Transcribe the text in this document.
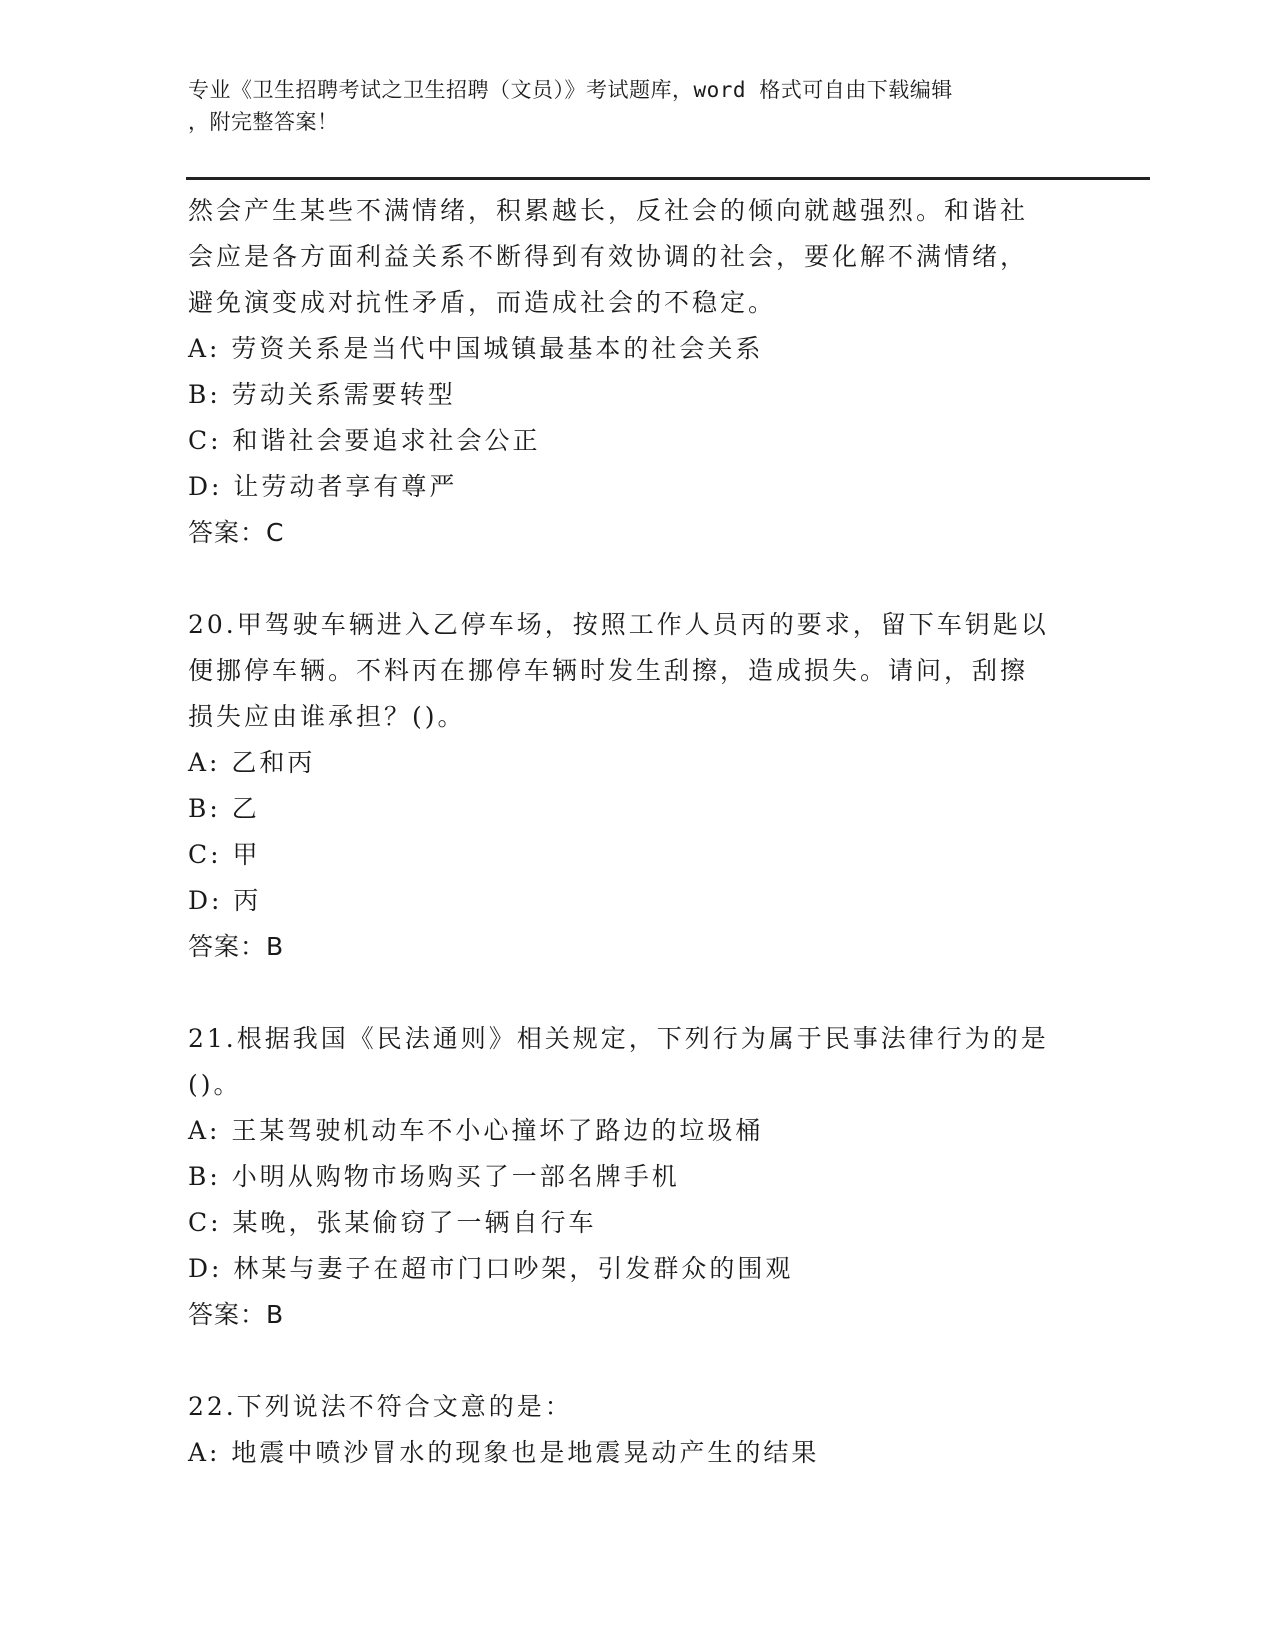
专业《卫生招聘考试之卫生招聘（文员）》考试题库，word 格式可自由下载编辑
，附完整答案！
然会产生某些不满情绪，积累越长，反社会的倾向就越强烈。和谐社
会应是各方面利益关系不断得到有效协调的社会，要化解不满情绪，
避免演变成对抗性矛盾，而造成社会的不稳定。
A: 劳资关系是当代中国城镇最基本的社会关系
B: 劳动关系需要转型
C: 和谐社会要追求社会公正
D: 让劳动者享有尊严
答案：C
20.甲驾驶车辆进入乙停车场，按照工作人员丙的要求，留下车钥匙以
便挪停车辆。不料丙在挪停车辆时发生刮擦，造成损失。请问，刮擦
损失应由谁承担？()。
A: 乙和丙
B: 乙
C: 甲
D: 丙
答案：B
21.根据我国《民法通则》相关规定，下列行为属于民事法律行为的是
()。
A: 王某驾驶机动车不小心撞坏了路边的垃圾桶
B: 小明从购物市场购买了一部名牌手机
C: 某晚，张某偷窃了一辆自行车
D: 林某与妻子在超市门口吵架，引发群众的围观
答案：B
22.下列说法不符合文意的是：
A: 地震中喷沙冒水的现象也是地震晃动产生的结果
